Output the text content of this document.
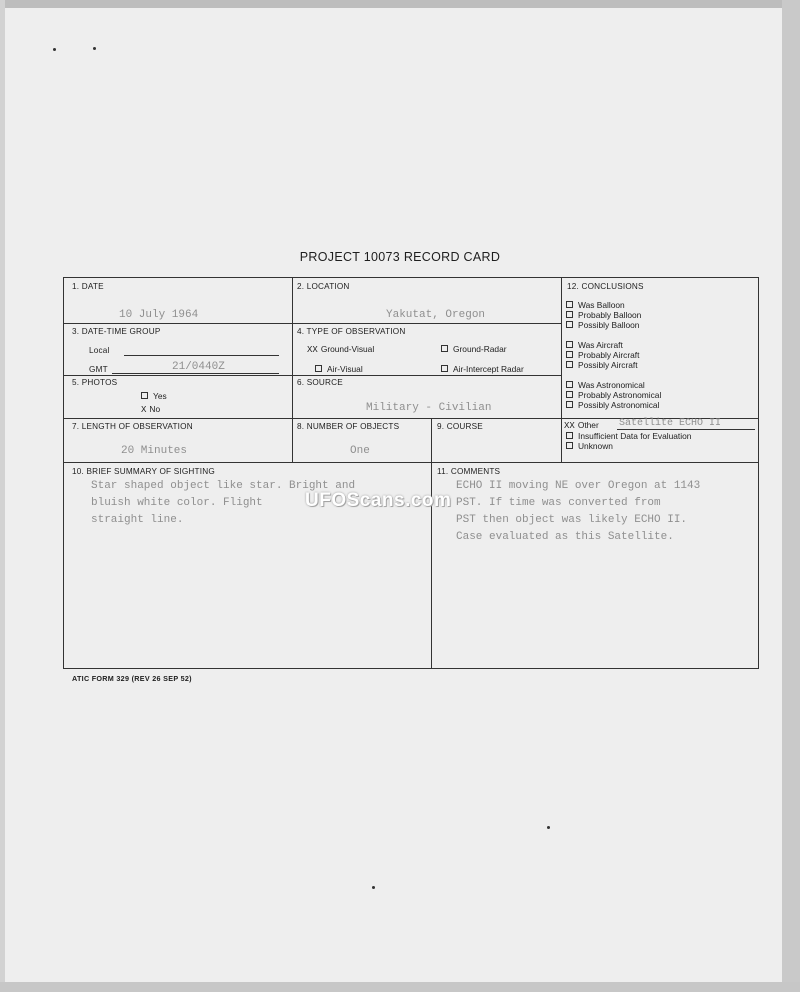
PROJECT 10073 RECORD CARD
1. DATE
10 July 1964
2. LOCATION
Yakutat, Oregon
3. DATE-TIME GROUP
Local
GMT	21/0440Z
4. TYPE OF OBSERVATION
XX Ground-Visual	Ground-Radar
Air-Visual	Air-Intercept Radar
5. PHOTOS
Yes
X No
6. SOURCE
Military - Civilian
7. LENGTH OF OBSERVATION
20 Minutes
8. NUMBER OF OBJECTS
One
9. COURSE
10. BRIEF SUMMARY OF SIGHTING
Star shaped object like star. Bright and
bluish white color. Flight
straight line.
11. COMMENTS
ECHO II moving NE over Oregon at 1143
PST. If time was converted from
PST then object was likely ECHO II.
Case evaluated as this Satellite.
12. CONCLUSIONS
Was Balloon
Probably Balloon
Possibly Balloon
Was Aircraft
Probably Aircraft
Possibly Aircraft
Was Astronomical
Probably Astronomical
Possibly Astronomical
XX Other Satellite ECHO II
Insufficient Data for Evaluation
Unknown
UFOScans.com
ATIC FORM 329 (REV 26 SEP 52)
